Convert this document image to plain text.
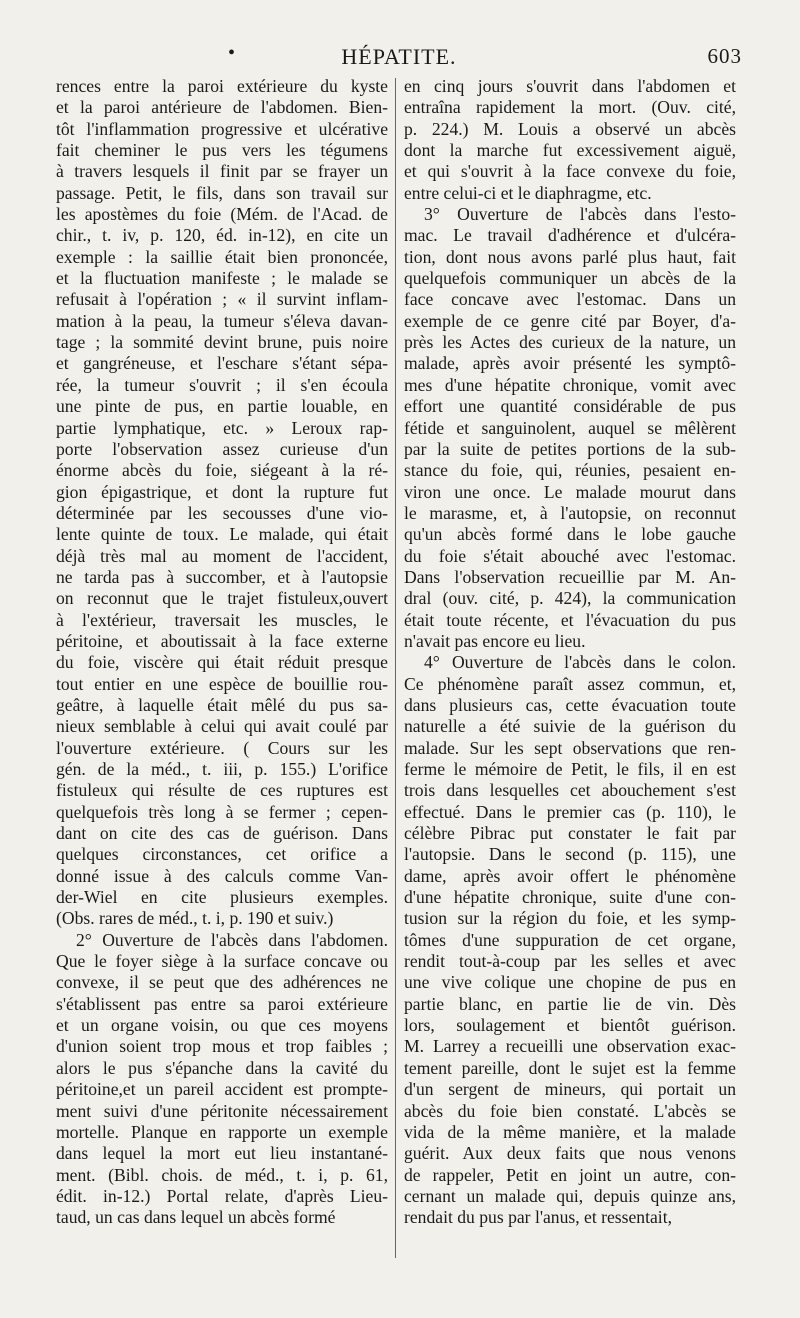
•	HÉPATITE.	603
rences entre la paroi extérieure du kyste
et la paroi antérieure de l'abdomen. Bien-
tôt l'inflammation progressive et ulcérative
fait cheminer le pus vers les tégumens
à travers lesquels il finit par se frayer un
passage. Petit, le fils, dans son travail sur
les apostèmes du foie (Mém. de l'Acad. de
chir., t. iv, p. 120, éd. in-12), en cite un
exemple : la saillie était bien prononcée,
et la fluctuation manifeste ; le malade se
refusait à l'opération ; « il survint inflam-
mation à la peau, la tumeur s'éleva davan-
tage ; la sommité devint brune, puis noire
et gangréneuse, et l'eschare s'étant sépa-
rée, la tumeur s'ouvrit ; il s'en écoula
une pinte de pus, en partie louable, en
partie lymphatique, etc. » Leroux rap-
porte l'observation assez curieuse d'un
énorme abcès du foie, siégeant à la ré-
gion épigastrique, et dont la rupture fut
déterminée par les secousses d'une vio-
lente quinte de toux. Le malade, qui était
déjà très mal au moment de l'accident,
ne tarda pas à succomber, et à l'autopsie
on reconnut que le trajet fistuleux,ouvert
à l'extérieur, traversait les muscles, le
péritoine, et aboutissait à la face externe
du foie, viscère qui était réduit presque
tout entier en une espèce de bouillie rou-
geâtre, à laquelle était mêlé du pus sa-
nieux semblable à celui qui avait coulé par
l'ouverture extérieure. ( Cours sur les
gén. de la méd., t. iii, p. 155.) L'orifice
fistuleux qui résulte de ces ruptures est
quelquefois très long à se fermer ; cepen-
dant on cite des cas de guérison. Dans
quelques circonstances, cet orifice a
donné issue à des calculs comme Van-
der-Wiel en cite plusieurs exemples.
(Obs. rares de méd., t. i, p. 190 et suiv.)
2° Ouverture de l'abcès dans l'abdomen.
Que le foyer siège à la surface concave ou
convexe, il se peut que des adhérences ne
s'établissent pas entre sa paroi extérieure
et un organe voisin, ou que ces moyens
d'union soient trop mous et trop faibles ;
alors le pus s'épanche dans la cavité du
péritoine,et un pareil accident est prompte-
ment suivi d'une péritonite nécessairement
mortelle. Planque en rapporte un exemple
dans lequel la mort eut lieu instantané-
ment. (Bibl. chois. de méd., t. i, p. 61,
édit. in-12.) Portal relate, d'après Lieu-
taud, un cas dans lequel un abcès formé
en cinq jours s'ouvrit dans l'abdomen et
entraîna rapidement la mort. (Ouv. cité,
p. 224.) M. Louis a observé un abcès
dont la marche fut excessivement aiguë,
et qui s'ouvrit à la face convexe du foie,
entre celui-ci et le diaphragme, etc.
3° Ouverture de l'abcès dans l'esto-
mac. Le travail d'adhérence et d'ulcéra-
tion, dont nous avons parlé plus haut, fait
quelquefois communiquer un abcès de la
face concave avec l'estomac. Dans un
exemple de ce genre cité par Boyer, d'a-
près les Actes des curieux de la nature, un
malade, après avoir présenté les symptô-
mes d'une hépatite chronique, vomit avec
effort une quantité considérable de pus
fétide et sanguinolent, auquel se mêlèrent
par la suite de petites portions de la sub-
stance du foie, qui, réunies, pesaient en-
viron une once. Le malade mourut dans
le marasme, et, à l'autopsie, on reconnut
qu'un abcès formé dans le lobe gauche
du foie s'était abouché avec l'estomac.
Dans l'observation recueillie par M. An-
dral (ouv. cité, p. 424), la communication
était toute récente, et l'évacuation du pus
n'avait pas encore eu lieu.
4° Ouverture de l'abcès dans le colon.
Ce phénomène paraît assez commun, et,
dans plusieurs cas, cette évacuation toute
naturelle a été suivie de la guérison du
malade. Sur les sept observations que ren-
ferme le mémoire de Petit, le fils, il en est
trois dans lesquelles cet abouchement s'est
effectué. Dans le premier cas (p. 110), le
célèbre Pibrac put constater le fait par
l'autopsie. Dans le second (p. 115), une
dame, après avoir offert le phénomène
d'une hépatite chronique, suite d'une con-
tusion sur la région du foie, et les symp-
tômes d'une suppuration de cet organe,
rendit tout-à-coup par les selles et avec
une vive colique une chopine de pus en
partie blanc, en partie lie de vin. Dès
lors, soulagement et bientôt guérison.
M. Larrey a recueilli une observation exac-
tement pareille, dont le sujet est la femme
d'un sergent de mineurs, qui portait un
abcès du foie bien constaté. L'abcès se
vida de la même manière, et la malade
guérit. Aux deux faits que nous venons
de rappeler, Petit en joint un autre, con-
cernant un malade qui, depuis quinze ans,
rendait du pus par l'anus, et ressentait,
